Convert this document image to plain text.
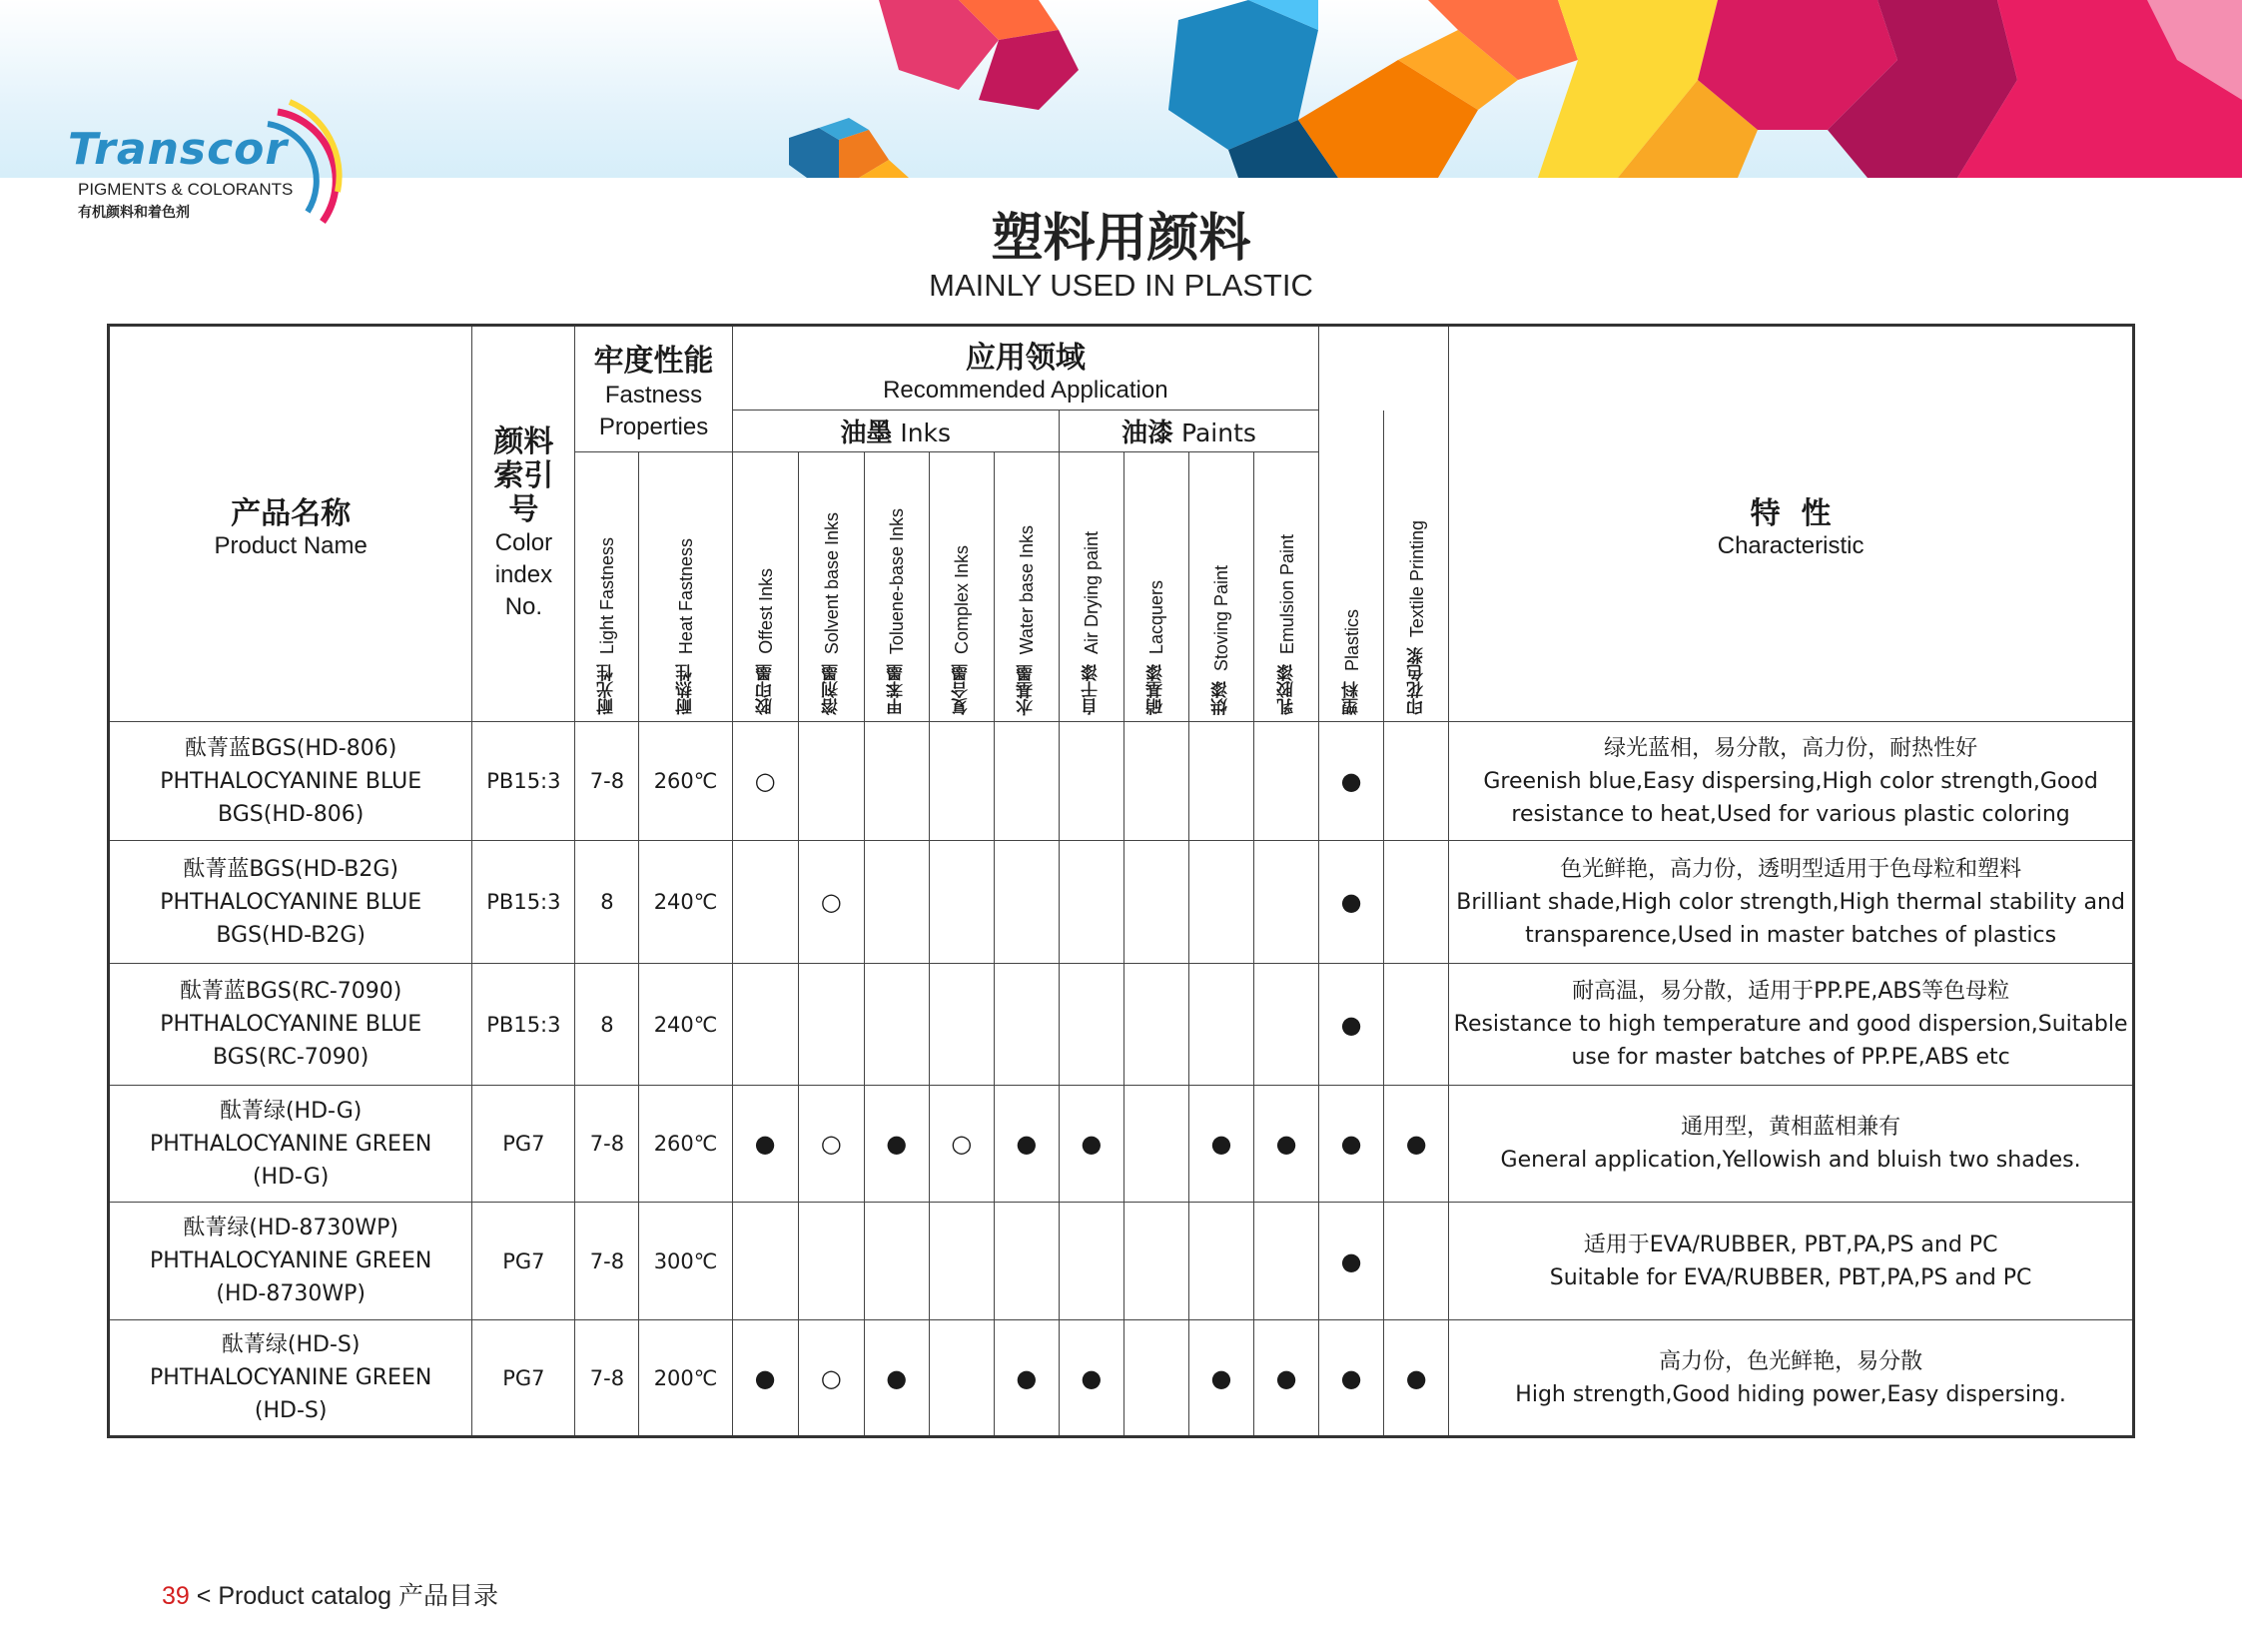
Transcor
PIGMENTS & COLORANTS
有机颜料和着色剂	塑料用颜料
MAINLY USED IN PLASTIC
产品名称
Product Name	颜料索引号
Color index No.	牢度性能
Fastness Properties		应用领域
Recommended Application											特  性
Characteristic

				油墨 Inks					油漆 Paints				塑料  Plastics	印花色浆  Textile Printing	

		耐光性  Light Fastness	耐热性  Heat Fastness	胶印墨  Offest Inks	溶剂墨  Solvent base Inks	甲苯墨  Toluene-base Inks	复合墨  Complex Inks	水基墨  Water base Inks	自干漆  Air Drying paint	硝基漆  Lacquers	烘漆  Stoving Paint	乳胶漆  Emulsion Paint			

酞菁蓝BGS(HD-806)
PHTHALOCYANINE BLUE
BGS(HD-806)	PB15:3	7-8	260℃	○									●		绿光蓝相，易分散，高力份，耐热性好
Greenish blue,Easy dispersing,High color strength,Good
resistance to heat,Used for various plastic coloring

酞菁蓝BGS(HD-B2G)
PHTHALOCYANINE BLUE
BGS(HD-B2G)	PB15:3	8	240℃		○								●		色光鲜艳，高力份，透明型适用于色母粒和塑料
Brilliant shade,High color strength,High thermal stability and
transparence,Used in master batches of plastics

酞菁蓝BGS(RC-7090)
PHTHALOCYANINE BLUE
BGS(RC-7090)	PB15:3	8	240℃										●		耐高温，易分散，适用于PP.PE,ABS等色母粒
Resistance to high temperature and good dispersion,Suitable
use for master batches of PP.PE,ABS etc

酞菁绿(HD-G)
PHTHALOCYANINE GREEN
(HD-G)	PG7	7-8	260℃	●	○	●	○	●	●		●	●	●	●	通用型，黄相蓝相兼有
General application,Yellowish and bluish two shades.

酞菁绿(HD-8730WP)
PHTHALOCYANINE GREEN
(HD-8730WP)	PG7	7-8	300℃										●		适用于EVA/RUBBER, PBT,PA,PS and PC
Suitable for EVA/RUBBER, PBT,PA,PS and PC

酞菁绿(HD-S)
PHTHALOCYANINE GREEN
(HD-S)	PG7	7-8	200℃	●	○	●		●	●		●	●	●	●	高力份，色光鲜艳，易分散
High strength,Good hiding power,Easy dispersing.
39 < Product catalog 产品目录
